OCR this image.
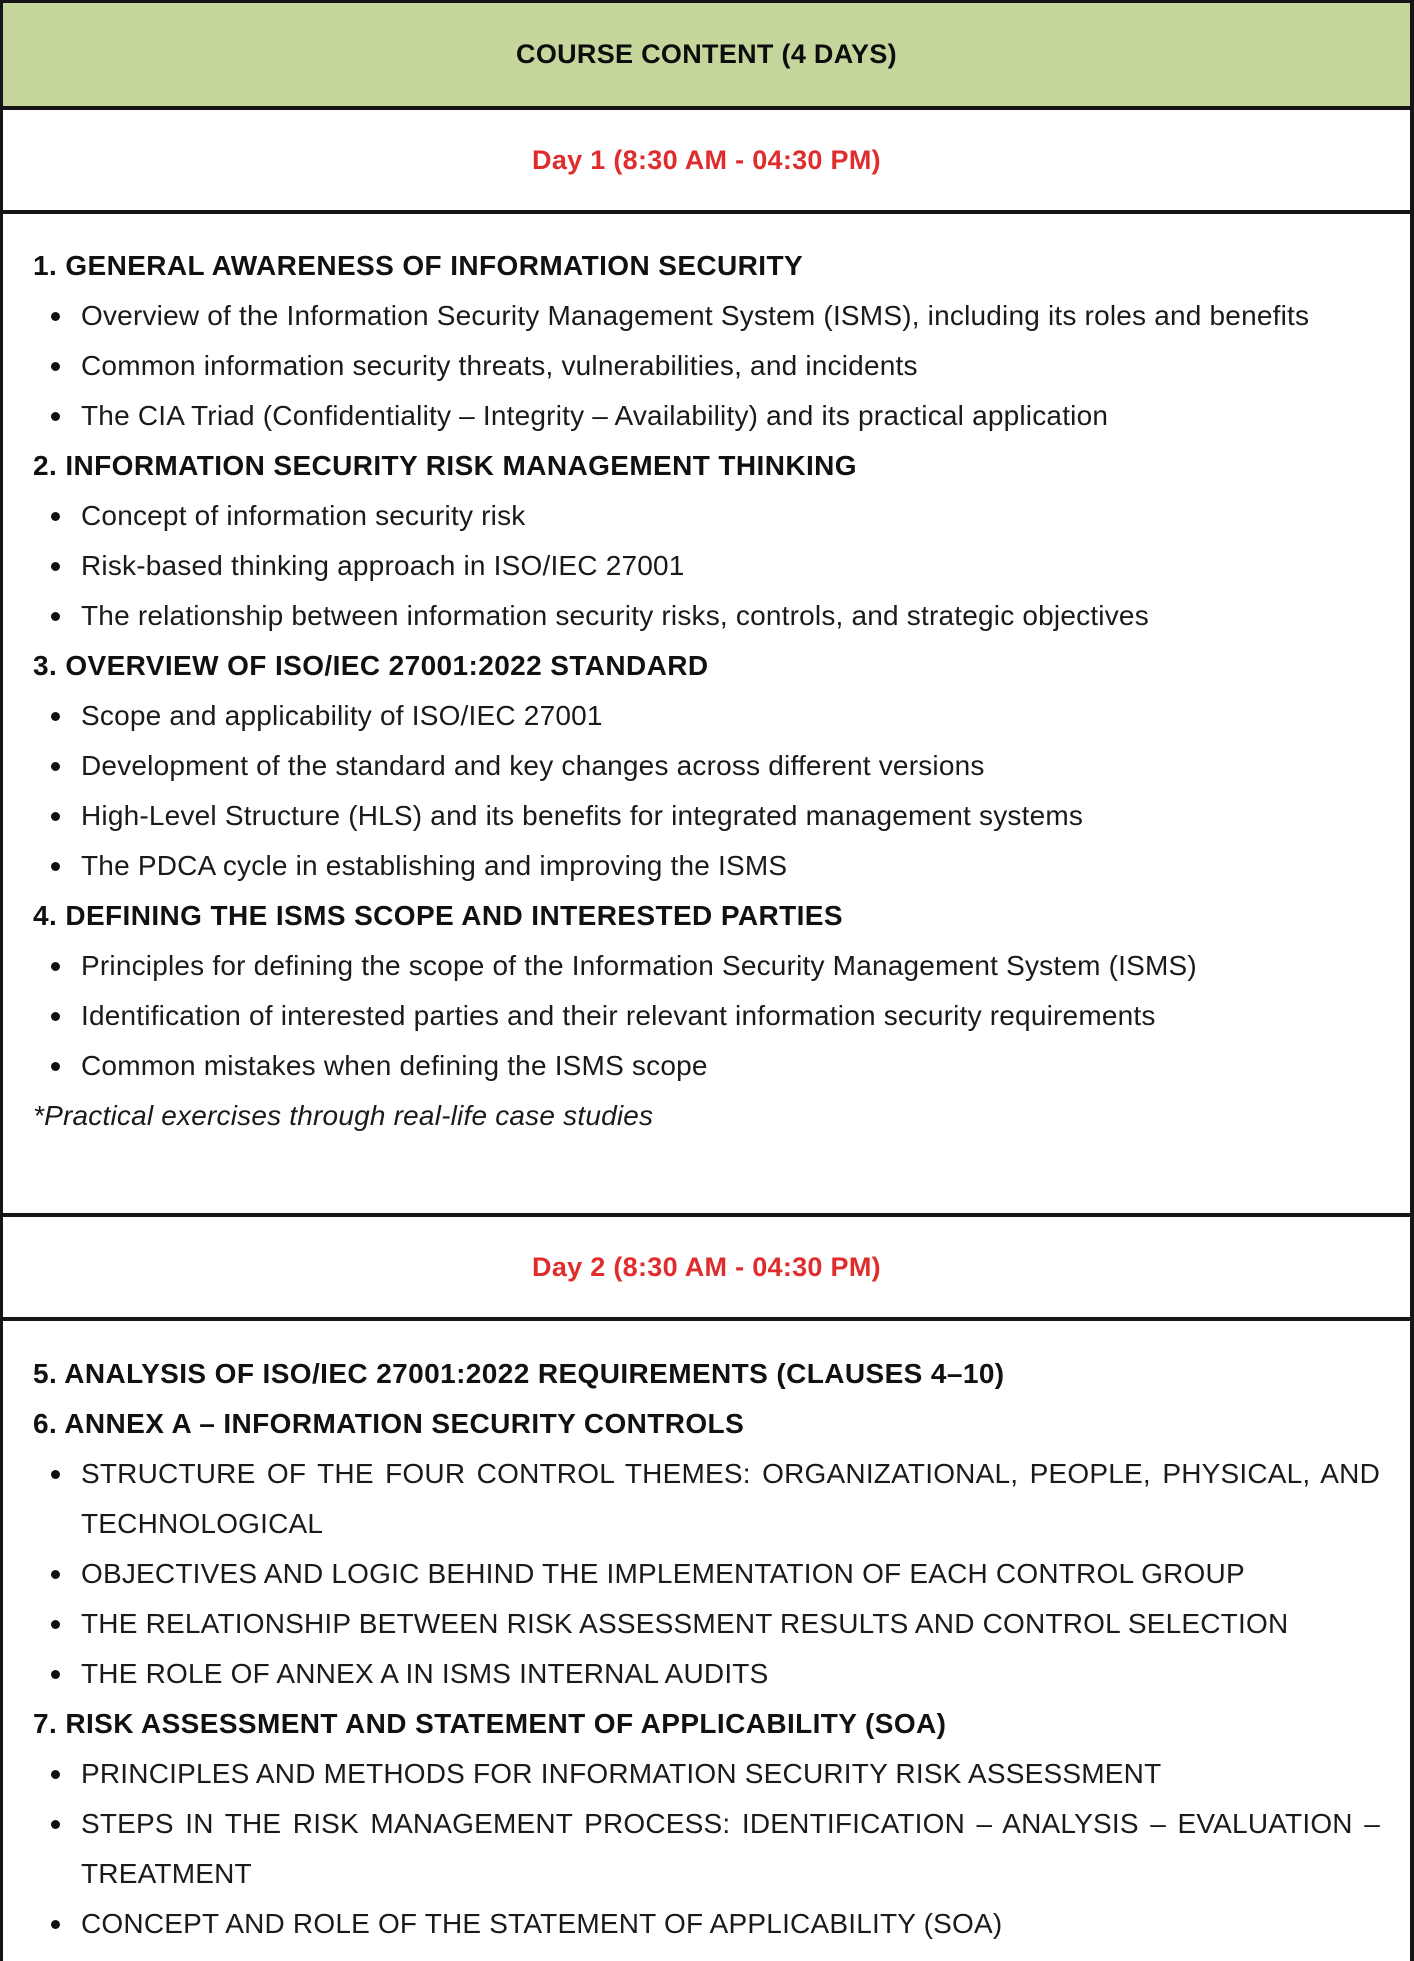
COURSE CONTENT (4 DAYS)
Day 1 (8:30 AM - 04:30 PM)

1. GENERAL AWARENESS OF INFORMATION SECURITY

Overview of the Information Security Management System (ISMS), including its roles and benefits
Common information security threats, vulnerabilities, and incidents
The CIA Triad (Confidentiality – Integrity – Availability) and its practical application

2. INFORMATION SECURITY RISK MANAGEMENT THINKING

Concept of information security risk
Risk-based thinking approach in ISO/IEC 27001
The relationship between information security risks, controls, and strategic objectives

3. OVERVIEW OF ISO/IEC 27001:2022 STANDARD

Scope and applicability of ISO/IEC 27001
Development of the standard and key changes across different versions
High-Level Structure (HLS) and its benefits for integrated management systems
The PDCA cycle in establishing and improving the ISMS

4. DEFINING THE ISMS SCOPE AND INTERESTED PARTIES

Principles for defining the scope of the Information Security Management System (ISMS)
Identification of interested parties and their relevant information security requirements
Common mistakes when defining the ISMS scope
*Practical exercises through real-life case studies
Day 2 (8:30 AM - 04:30 PM)

5. ANALYSIS OF ISO/IEC 27001:2022 REQUIREMENTS (CLAUSES 4–10)

6. ANNEX A – INFORMATION SECURITY CONTROLS

STRUCTURE OF THE FOUR CONTROL THEMES: ORGANIZATIONAL, PEOPLE, PHYSICAL, AND TECHNOLOGICAL
OBJECTIVES AND LOGIC BEHIND THE IMPLEMENTATION OF EACH CONTROL GROUP
THE RELATIONSHIP BETWEEN RISK ASSESSMENT RESULTS AND CONTROL SELECTION
THE ROLE OF ANNEX A IN ISMS INTERNAL AUDITS

7. RISK ASSESSMENT AND STATEMENT OF APPLICABILITY (SOA)

PRINCIPLES AND METHODS FOR INFORMATION SECURITY RISK ASSESSMENT
STEPS IN THE RISK MANAGEMENT PROCESS: IDENTIFICATION – ANALYSIS – EVALUATION – TREATMENT
CONCEPT AND ROLE OF THE STATEMENT OF APPLICABILITY (SOA)
